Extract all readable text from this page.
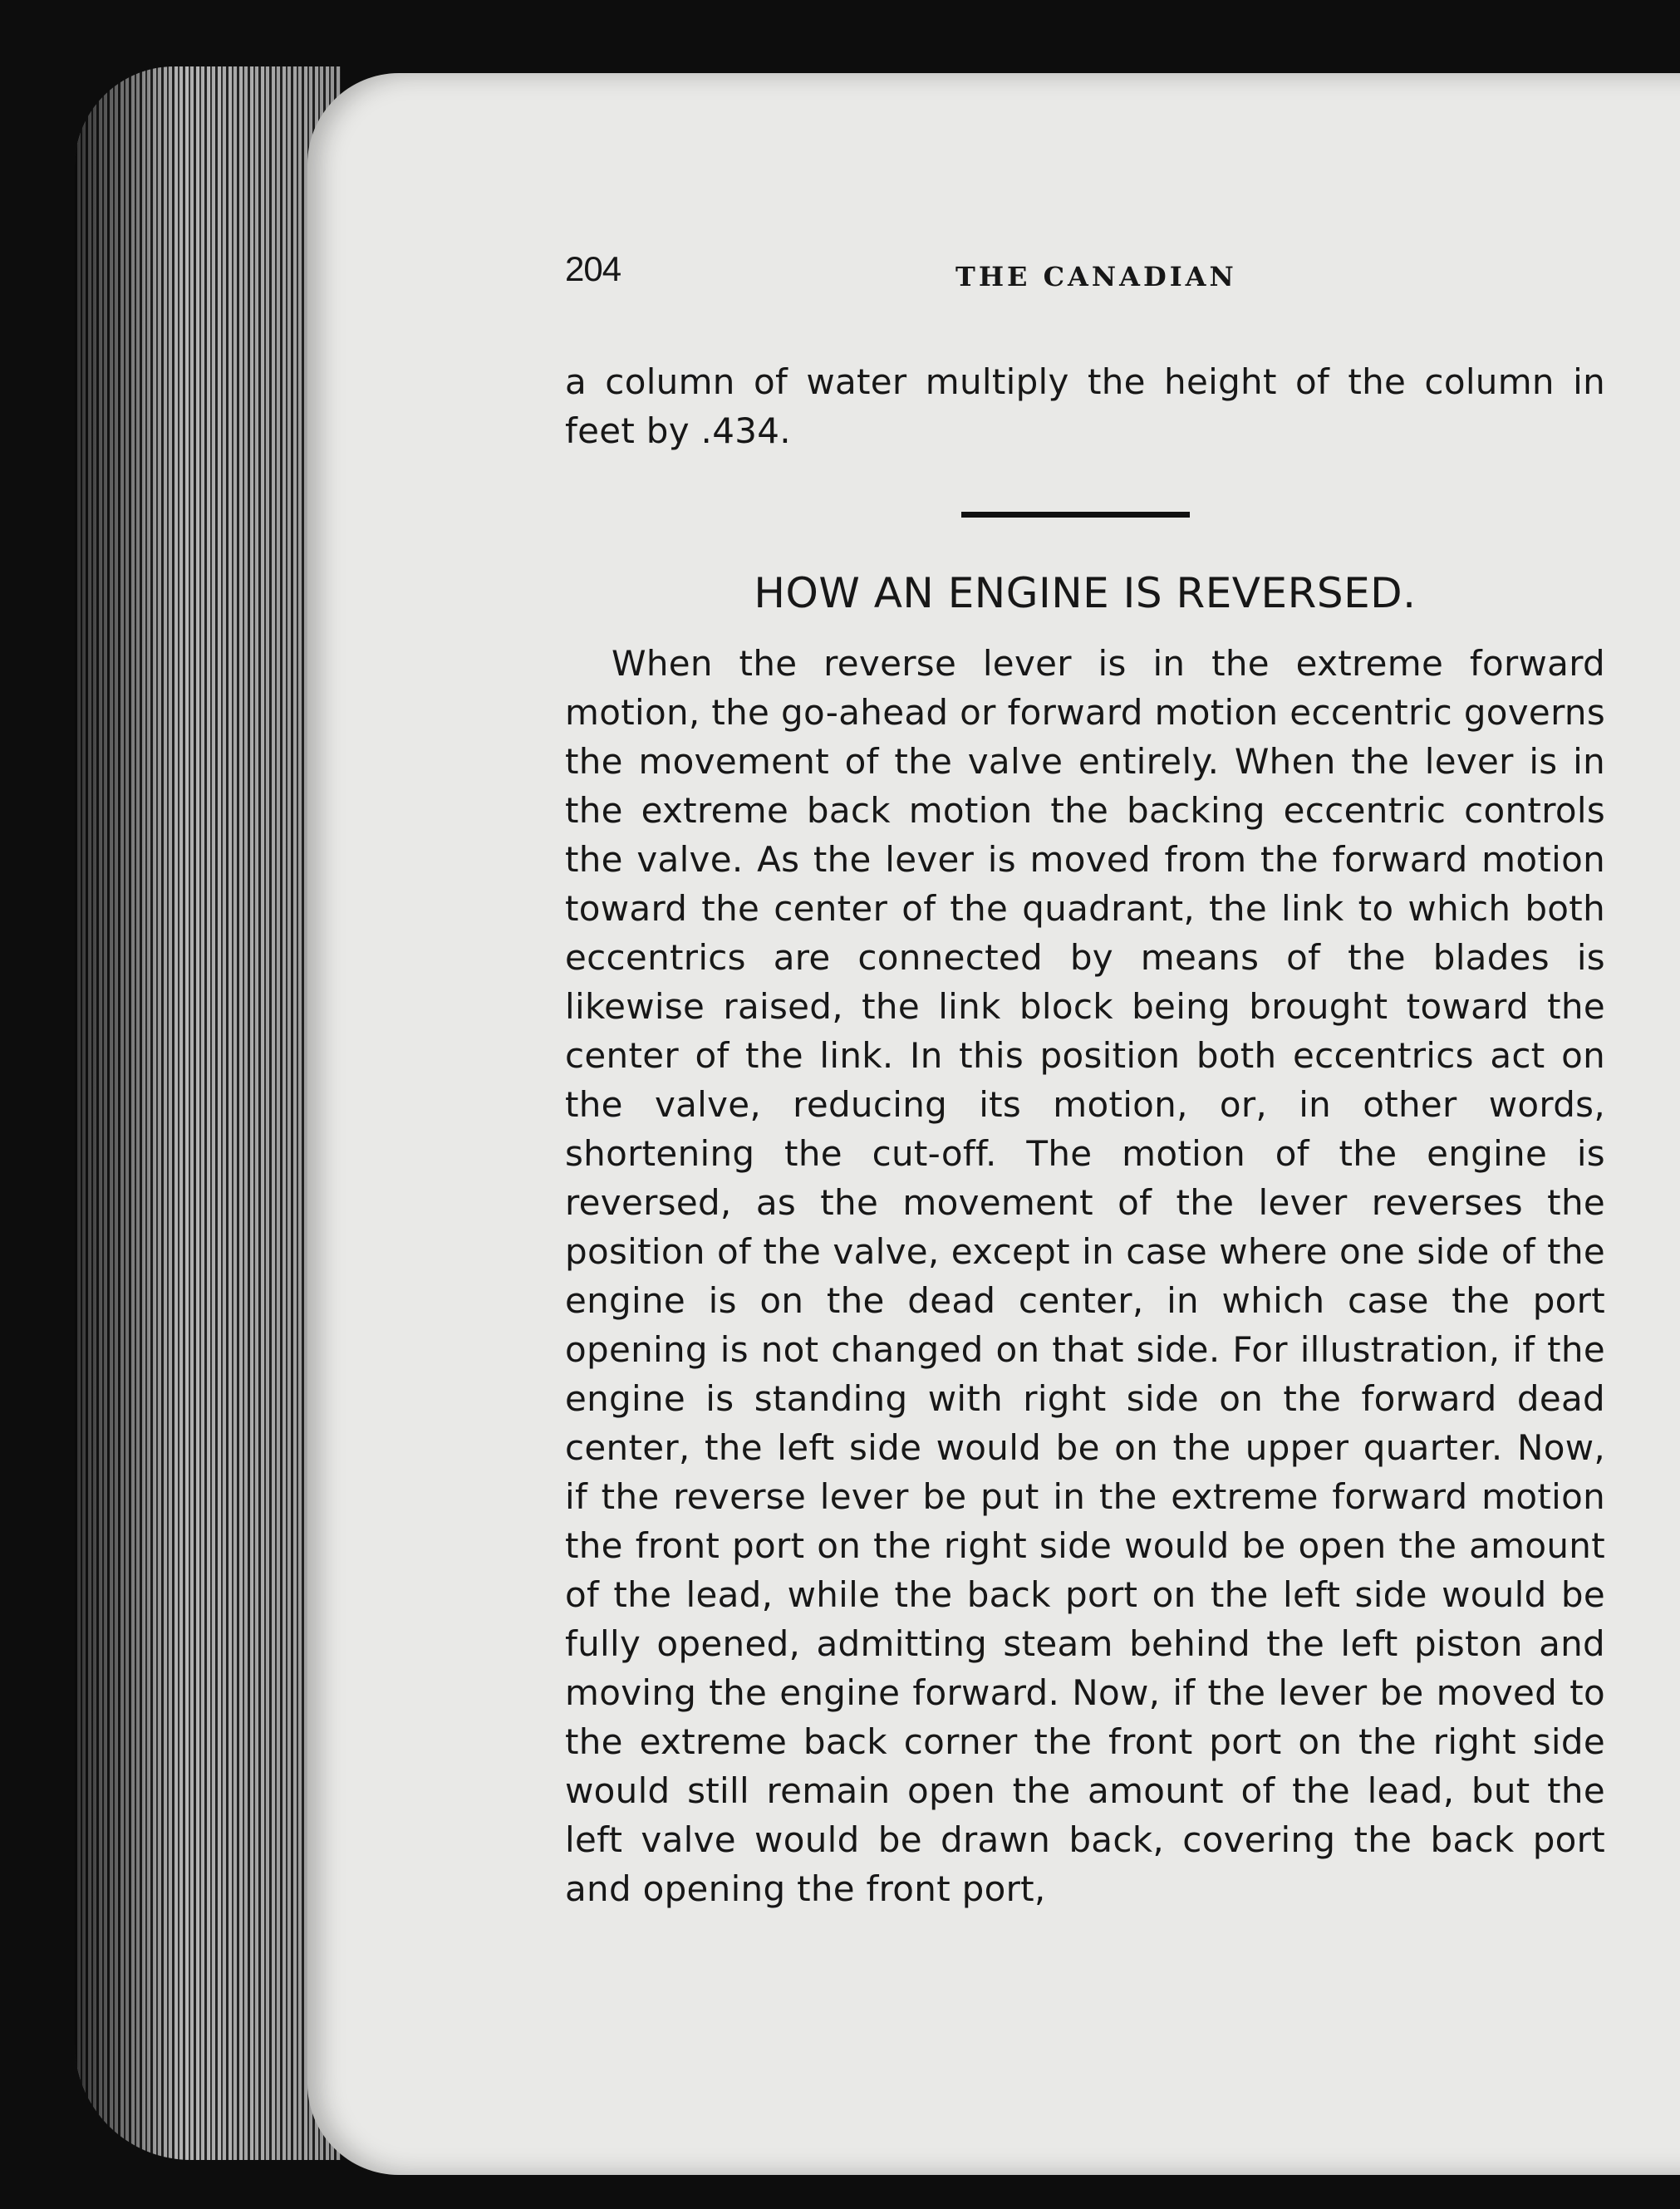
204	THE CANADIAN

a column of water multiply the height of the column in feet by .434.

HOW AN ENGINE IS REVERSED.

When the reverse lever is in the extreme forward motion, the go-ahead or forward motion eccentric governs the movement of the valve entirely. When the lever is in the extreme back motion the backing eccentric controls the valve. As the lever is moved from the forward motion toward the center of the quadrant, the link to which both eccentrics are connected by means of the blades is likewise raised, the link block being brought toward the center of the link. In this position both eccentrics act on the valve, reducing its motion, or, in other words, shortening the cut-off. The motion of the engine is reversed, as the movement of the lever reverses the position of the valve, except in case where one side of the engine is on the dead center, in which case the port opening is not changed on that side. For illustration, if the engine is standing with right side on the forward dead center, the left side would be on the upper quarter. Now, if the reverse lever be put in the extreme forward motion the front port on the right side would be open the amount of the lead, while the back port on the left side would be fully opened, admitting steam behind the left piston and moving the engine forward. Now, if the lever be moved to the extreme back corner the front port on the right side would still remain open the amount of the lead, but the left valve would be drawn back, covering the back port and opening the front port,
